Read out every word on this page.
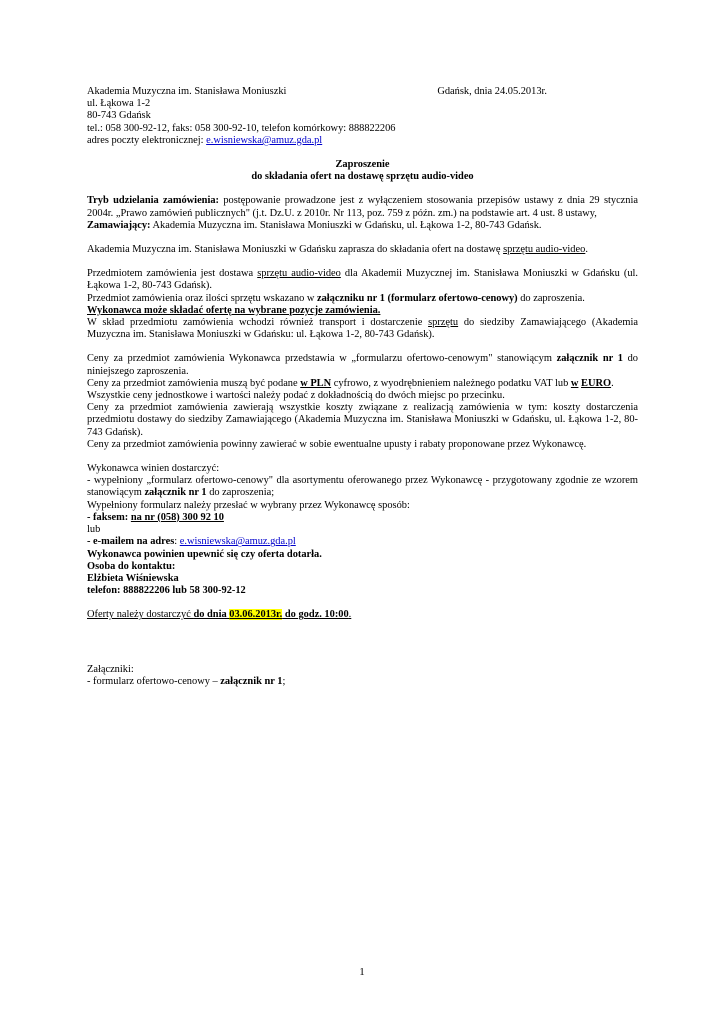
Akademia Muzyczna im. Stanisława Moniuszki	Gdańsk, dnia 24.05.2013r.

ul. Łąkowa 1-2

80-743 Gdańsk

tel.: 058 300-92-12, faks: 058 300-92-10, telefon komórkowy: 888822206

adres poczty elektronicznej: e.wisniewska@amuz.gda.pl

Zaproszenie

do składania ofert na dostawę sprzętu audio-video

Tryb udzielania zamówienia: postępowanie prowadzone jest z wyłączeniem stosowania przepisów ustawy z dnia 29 stycznia 2004r. „Prawo zamówień publicznych" (j.t. Dz.U. z 2010r. Nr 113, poz. 759 z późn. zm.) na podstawie art. 4 ust. 8 ustawy,

Zamawiający: Akademia Muzyczna im. Stanisława Moniuszki w Gdańsku, ul. Łąkowa 1-2, 80-743 Gdańsk.

Akademia Muzyczna im. Stanisława Moniuszki w Gdańsku zaprasza do składania ofert na dostawę sprzętu audio-video.

Przedmiotem zamówienia jest dostawa sprzętu audio-video dla Akademii Muzycznej im. Stanisława Moniuszki w Gdańsku (ul. Łąkowa 1-2, 80-743 Gdańsk).

Przedmiot zamówienia oraz ilości sprzętu wskazano w załączniku nr 1 (formularz ofertowo-cenowy) do zaproszenia.

Wykonawca może składać ofertę na wybrane pozycje zamówienia.

W skład przedmiotu zamówienia wchodzi również transport i dostarczenie sprzętu do siedziby Zamawiającego (Akademia Muzyczna im. Stanisława Moniuszki w Gdańsku: ul. Łąkowa 1-2, 80-743 Gdańsk).

Ceny za przedmiot zamówienia Wykonawca przedstawia w „formularzu ofertowo-cenowym" stanowiącym załącznik nr 1 do niniejszego zaproszenia.

Ceny za przedmiot zamówienia muszą być podane w PLN cyfrowo, z wyodrębnieniem należnego podatku VAT lub w EURO.

Wszystkie ceny jednostkowe i wartości należy podać z dokładnością do dwóch miejsc po przecinku.

Ceny za przedmiot zamówienia zawierają wszystkie koszty związane z realizacją zamówienia w tym: koszty dostarczenia przedmiotu dostawy do siedziby Zamawiającego (Akademia Muzyczna im. Stanisława Moniuszki w Gdańsku, ul. Łąkowa 1-2, 80-743 Gdańsk).

Ceny za przedmiot zamówienia powinny zawierać w sobie ewentualne upusty i rabaty proponowane przez Wykonawcę.

Wykonawca winien dostarczyć:

- wypełniony „formularz ofertowo-cenowy" dla asortymentu oferowanego przez Wykonawcę - przygotowany zgodnie ze wzorem stanowiącym załącznik nr 1 do zaproszenia;

Wypełniony formularz należy przesłać w wybrany przez Wykonawcę sposób:

- faksem: na nr (058) 300 92 10

lub

- e-mailem na adres: e.wisniewska@amuz.gda.pl

Wykonawca powinien upewnić się czy oferta dotarła.

Osoba do kontaktu:

Elżbieta Wiśniewska

telefon: 888822206 lub 58 300-92-12

Oferty należy dostarczyć do dnia 03.06.2013r. do godz. 10:00.

Załączniki:

- formularz ofertowo-cenowy – załącznik nr 1;

1
